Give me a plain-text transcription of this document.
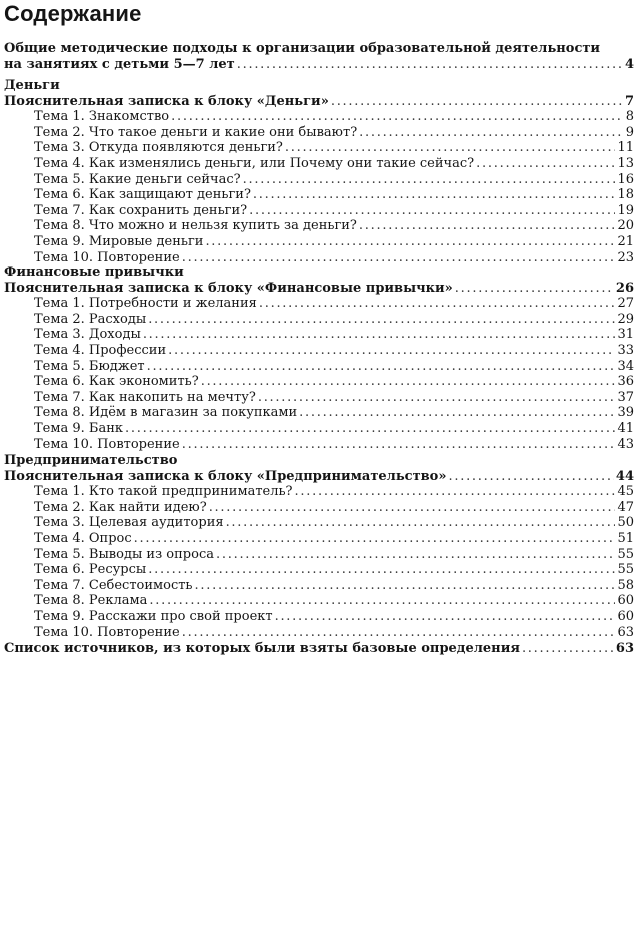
Содержание
Общие методические подходы к организации образовательной деятельности
на занятиях с детьми 5—7 лет . . .	4
Деньги
Пояснительная записка к блоку «Деньги» . . .	7
Тема 1. Знакомство . . .	8
Тема 2. Что такое деньги и какие они бывают? . . .	9
Тема 3. Откуда появляются деньги? . . .	11
Тема 4. Как изменялись деньги, или Почему они такие сейчас? . . .	13
Тема 5. Какие деньги сейчас? . . .	16
Тема 6. Как защищают деньги? . . .	18
Тема 7. Как сохранить деньги? . . .	19
Тема 8. Что можно и нельзя купить за деньги? . . .	20
Тема 9. Мировые деньги . . .	21
Тема 10. Повторение . . .	23
Финансовые привычки
Пояснительная записка к блоку «Финансовые привычки» . . .	26
Тема 1. Потребности и желания . . .	27
Тема 2. Расходы . . .	29
Тема 3. Доходы . . .	31
Тема 4. Профессии . . .	33
Тема 5. Бюджет . . .	34
Тема 6. Как экономить? . . .	36
Тема 7. Как накопить на мечту? . . .	37
Тема 8. Идём в магазин за покупками . . .	39
Тема 9. Банк . . .	41
Тема 10. Повторение . . .	43
Предпринимательство
Пояснительная записка к блоку «Предпринимательство» . . .	44
Тема 1. Кто такой предприниматель? . . .	45
Тема 2. Как найти идею? . . .	47
Тема 3. Целевая аудитория . . .	50
Тема 4. Опрос . . .	51
Тема 5. Выводы из опроса . . .	55
Тема 6. Ресурсы . . .	55
Тема 7. Себестоимость . . .	58
Тема 8. Реклама . . .	60
Тема 9. Расскажи про свой проект . . .	60
Тема 10. Повторение . . .	63
Список источников, из которых были взяты базовые определения . . .	63
